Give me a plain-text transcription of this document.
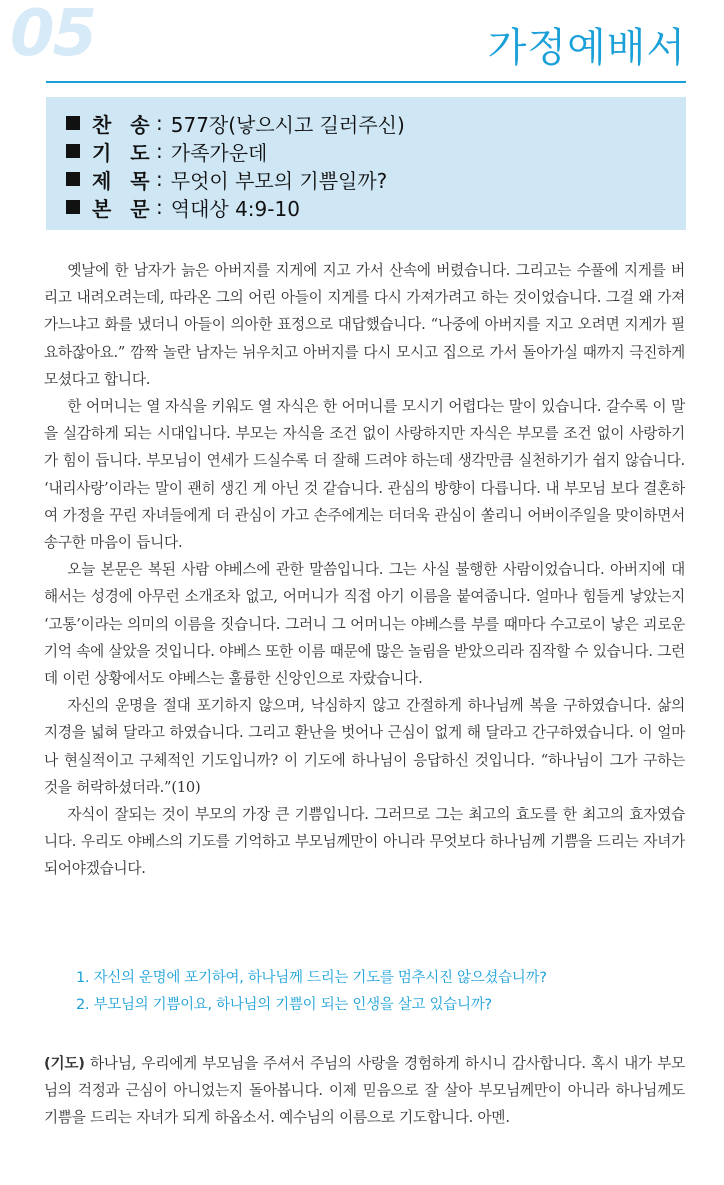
05	가정예배서
찬 송 : 577장(낳으시고 길러주신)
기 도 : 가족가운데
제 목 : 무엇이 부모의 기쁨일까?
본 문 : 역대상 4:9-10

옛날에 한 남자가 늙은 아버지를 지게에 지고 가서 산속에 버렸습니다. 그리고는 수풀에 지게를 버리고 내려오려는데, 따라온 그의 어린 아들이 지게를 다시 가져가려고 하는 것이었습니다. 그걸 왜 가져가느냐고 화를 냈더니 아들이 의아한 표정으로 대답했습니다. “나중에 아버지를 지고 오려면 지게가 필요하잖아요.” 깜짝 놀란 남자는 뉘우치고 아버지를 다시 모시고 집으로 가서 돌아가실 때까지 극진하게 모셨다고 합니다.

한 어머니는 열 자식을 키워도 열 자식은 한 어머니를 모시기 어렵다는 말이 있습니다. 갈수록 이 말을 실감하게 되는 시대입니다. 부모는 자식을 조건 없이 사랑하지만 자식은 부모를 조건 없이 사랑하기가 힘이 듭니다. 부모님이 연세가 드실수록 더 잘해 드려야 하는데 생각만큼 실천하기가 쉽지 않습니다. ‘내리사랑’이라는 말이 괜히 생긴 게 아닌 것 같습니다. 관심의 방향이 다릅니다. 내 부모님 보다 결혼하여 가정을 꾸린 자녀들에게 더 관심이 가고 손주에게는 더더욱 관심이 쏠리니 어버이주일을 맞이하면서 송구한 마음이 듭니다.

오늘 본문은 복된 사람 야베스에 관한 말씀입니다. 그는 사실 불행한 사람이었습니다. 아버지에 대해서는 성경에 아무런 소개조차 없고, 어머니가 직접 아기 이름을 붙여줍니다. 얼마나 힘들게 낳았는지 ‘고통’이라는 의미의 이름을 짓습니다. 그러니 그 어머니는 야베스를 부를 때마다 수고로이 낳은 괴로운 기억 속에 살았을 것입니다. 야베스 또한 이름 때문에 많은 놀림을 받았으리라 짐작할 수 있습니다. 그런데 이런 상황에서도 야베스는 훌륭한 신앙인으로 자랐습니다.

자신의 운명을 절대 포기하지 않으며, 낙심하지 않고 간절하게 하나님께 복을 구하였습니다. 삶의 지경을 넓혀 달라고 하였습니다. 그리고 환난을 벗어나 근심이 없게 해 달라고 간구하였습니다. 이 얼마나 현실적이고 구체적인 기도입니까? 이 기도에 하나님이 응답하신 것입니다. “하나님이 그가 구하는 것을 허락하셨더라.”(10)

자식이 잘되는 것이 부모의 가장 큰 기쁨입니다. 그러므로 그는 최고의 효도를 한 최고의 효자였습니다. 우리도 야베스의 기도를 기억하고 부모님께만이 아니라 무엇보다 하나님께 기쁨을 드리는 자녀가 되어야겠습니다.

1. 자신의 운명에 포기하여, 하나님께 드리는 기도를 멈추시진 않으셨습니까?

2. 부모님의 기쁨이요, 하나님의 기쁨이 되는 인생을 살고 있습니까?

(기도) 하나님, 우리에게 부모님을 주셔서 주님의 사랑을 경험하게 하시니 감사합니다. 혹시 내가 부모님의 걱정과 근심이 아니었는지 돌아봅니다. 이제 믿음으로 잘 살아 부모님께만이 아니라 하나님께도 기쁨을 드리는 자녀가 되게 하옵소서. 예수님의 이름으로 기도합니다. 아멘.
